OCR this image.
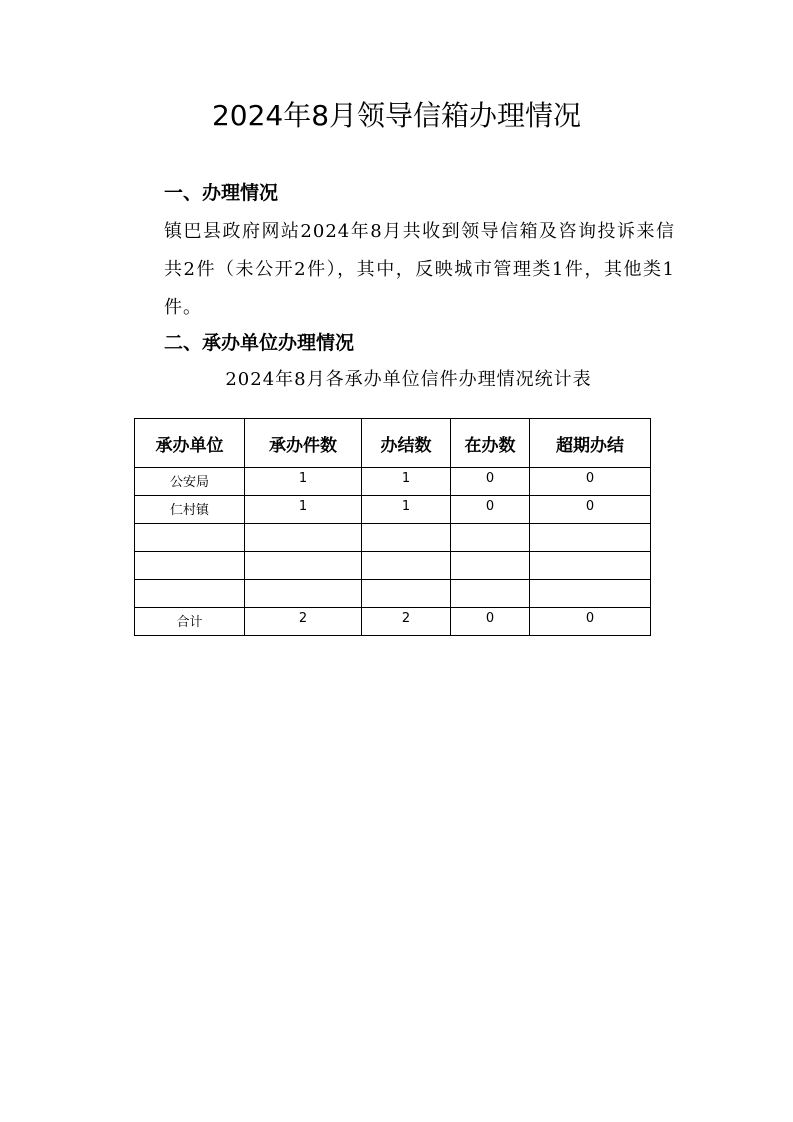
2024年8月领导信箱办理情况
一、办理情况
镇巴县政府网站2024年8月共收到领导信箱及咨询投诉来信共2件（未公开2件），其中，反映城市管理类1件，其他类1件。
二、承办单位办理情况
2024年8月各承办单位信件办理情况统计表
承办单位	承办件数	办结数	在办数	超期办结
公安局	1	1	0	0
仁村镇	1	1	0	0

合计	2	2	0	0
